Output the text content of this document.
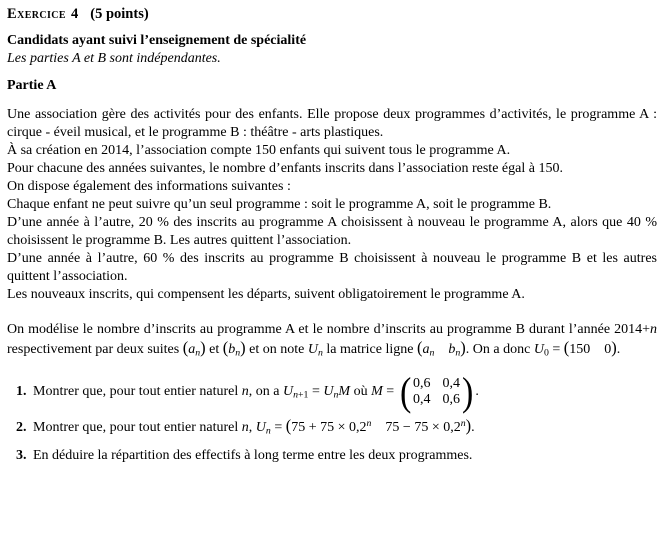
Exercice 4 (5 points)
Candidats ayant suivi l’enseignement de spécialité
Les parties A et B sont indépendantes.
Partie A

Une association gère des activités pour des enfants. Elle propose deux programmes d’activités, le programme A : cirque - éveil musical, et le programme B : théâtre - arts plastiques.

À sa création en 2014, l’association compte 150 enfants qui suivent tous le programme A.

Pour chacune des années suivantes, le nombre d’enfants inscrits dans l’association reste égal à 150.

On dispose également des informations suivantes :

Chaque enfant ne peut suivre qu’un seul programme : soit le programme A, soit le programme B.

D’une année à l’autre, 20 % des inscrits au programme A choisissent à nouveau le programme A, alors que 40 % choisissent le programme B. Les autres quittent l’association.

D’une année à l’autre, 60 % des inscrits au programme B choisissent à nouveau le programme B et les autres quittent l’association.

Les nouveaux inscrits, qui compensent les départs, suivent obligatoirement le programme A.

On modélise le nombre d’inscrits au programme A et le nombre d’inscrits au programme B durant l’année 2014+n respectivement par deux suites (an) et (bn) et on note Un la matrice ligne (an  bn). On a donc U0 = (150 0).

1. Montrer que, pour tout entier naturel n, on a Un+1 = UnM où M = ( 0,6 0,4
0,4 0,6 ) .
2. Montrer que, pour tout entier naturel n, $Un = (75 + 75 \times 0,2^n$  $75 - 75 \times 0,2^n$).
3. En déduire la répartition des effectifs à long terme entre les deux programmes.
